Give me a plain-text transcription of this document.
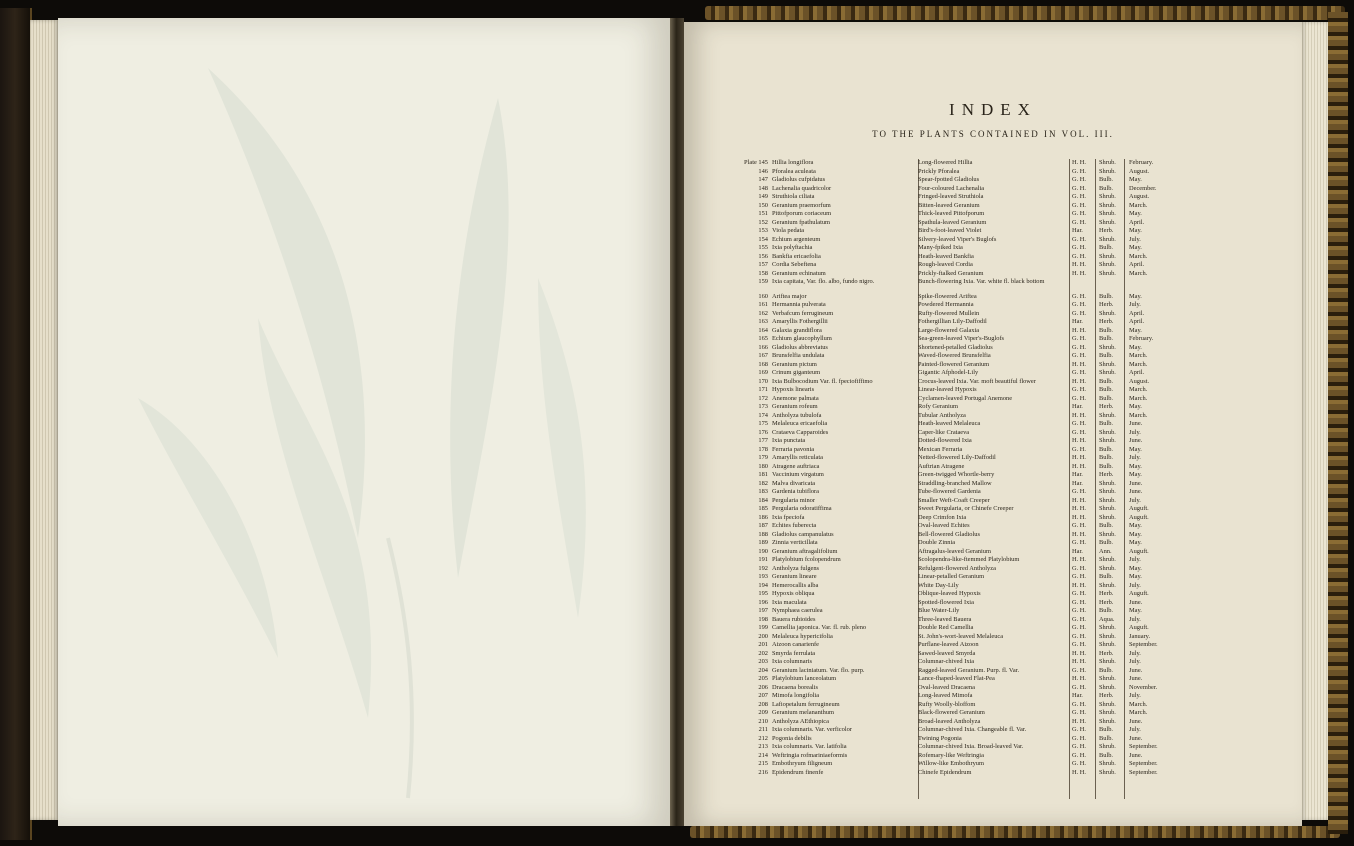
INDEX
TO THE PLANTS CONTAINED IN VOL. III.
Plate 145 Hillia longiflora	Long-flowered Hillia	H. H.	Shrub.	February.
146 Pforalea aculeata	Prickly Pforalea	G. H.	Shrub.	August.
147 Gladiolus cufpidatus	Spear-fpotted Gladiolus	G. H.	Bulb.	May.
148 Lachenalia quadricolor	Four-coloured Lachenalia	G. H.	Bulb.	December.
149 Struthiola ciliata	Fringed-leaved Struthiola	G. H.	Shrub.	August.
150 Geranium praemorfum	Bitten-leaved Geranium	G. H.	Shrub.	March.
151 Pittofporum coriaceum	Thick-leaved Pittofporum	G. H.	Shrub.	May.
152 Geranium fpathulatum	Spathula-leaved Geranium	G. H.	Shrub.	April.
153 Viola pedata	Bird's-foot-leaved Violet	Har.	Herb.	May.
154 Echium argenteum	Silvery-leaved Viper's Buglofs	G. H.	Shrub.	July.
155 Ixia polyftachia	Many-fpiked Ixia	G. H.	Bulb.	May.
156 Bankfia ericaefolia	Heath-leaved Bankfia	G. H.	Shrub.	March.
157 Cordia Sebeftena	Rough-leaved Cordia	H. H.	Shrub.	April.
158 Geranium echinatum	Prickly-ftalked Geranium	H. H.	Shrub.	March.
159 Ixia capitata, Var. flo. albo, fundo nigro.	Bunch-flowering Ixia. Var. white fl. black bottom
160 Ariftea major	Spike-flowered Ariftea	G. H.	Bulb.	May.
161 Hermannia pulverata	Powdered Hermannia	G. H.	Herb.	July.
162 Verbafcum ferrugineum	Rufty-flowered Mullein	G. H.	Shrub.	April.
163 Amaryllis Fothergillii	Fothergillian Lily-Daffodil	Har.	Herb.	April.
164 Galaxia grandiflora	Large-flowered Galaxia	H. H.	Bulb.	May.
165 Echium glaucophyllum	Sea-green-leaved Viper's-Buglofs	G. H.	Bulb.	February.
166 Gladiolus abbreviatus	Shortened-petalled Gladiolus	G. H.	Shrub.	May.
167 Brunsfelfia undulata	Waved-flowered Brunsfelfia	G. H.	Bulb.	March.
168 Geranium pictum	Painted-flowered Geranium	H. H.	Shrub.	March.
169 Crinum giganteum	Gigantic Afphodel-Lily	G. H.	Shrub.	April.
170 Ixia Bulbocodium Var. fl. fpeciofiffimo	Crocus-leaved Ixia. Var. moft beautiful flower	H. H.	Bulb.	August.
171 Hypoxis linearis	Linear-leaved Hypoxis	G. H.	Bulb.	March.
172 Anemone palmata	Cyclamen-leaved Portugal Anemone	G. H.	Bulb.	March.
173 Geranium rofeum	Rofy Geranium	Har.	Herb.	May.
174 Antholyza tubulofa	Tubular Antholyza	H. H.	Shrub.	March.
175 Melaleuca ericaefolia	Heath-leaved Melaleuca	G. H.	Bulb.	June.
176 Crataeva Capparoides	Caper-like Crataeva	G. H.	Shrub.	July.
177 Ixia punctata	Dotted-flowered Ixia	H. H.	Shrub.	June.
178 Ferraria pavonia	Mexican Ferraria	G. H.	Bulb.	May.
179 Amaryllis reticulata	Netted-flowered Lily-Daffodil	H. H.	Bulb.	July.
180 Atragene auftriaca	Auftrian Atragene	H. H.	Bulb.	May.
181 Vaccinium virgatum	Green-twigged Whortle-berry	Har.	Herb.	May.
182 Malva divaricata	Straddling-branched Mallow	Har.	Shrub.	June.
183 Gardenia tubiflora	Tube-flowered Gardenia	G. H.	Shrub.	June.
184 Pergularia minor	Smaller Weft-Coaft Creeper	H. H.	Shrub.	July.
185 Pergularia odoratiffima	Sweet Pergularia, or Chinefe Creeper	H. H.	Shrub.	Auguft.
186 Ixia fpeciofa	Deep Crimfon Ixia	H. H.	Shrub.	Auguft.
187 Echites fuberecta	Oval-leaved Echites	G. H.	Bulb.	May.
188 Gladiolus campanulatus	Bell-flowered Gladiolus	H. H.	Shrub.	May.
189 Zinnia verticillata	Double Zinnia	G. H.	Bulb.	May.
190 Geranium aftragalifolium	Aftragalus-leaved Geranium	Har.	Ann.	Auguft.
191 Platylobium fcolopendrum	Scolopendra-like-ftemmed Platylobium	H. H.	Shrub.	July.
192 Antholyza fulgens	Refulgent-flowered Antholyza	G. H.	Shrub.	May.
193 Geranium lineare	Linear-petalled Geranium	G. H.	Bulb.	May.
194 Hemerocallis alba	White Day-Lily	H. H.	Shrub.	July.
195 Hypoxis obliqua	Oblique-leaved Hypoxis	G. H.	Herb.	Auguft.
196 Ixia maculata	Spotted-flowered Ixia	G. H.	Herb.	June.
197 Nymphaea caerulea	Blue Water-Lily	G. H.	Bulb.	May.
198 Bauera rubioides	Three-leaved Bauera	G. H.	Aqua.	July.
199 Camellia japonica. Var. fl. rub. pleno	Double Red Camellia	G. H.	Shrub.	Auguft.
200 Melaleuca hypericifolia	St. John's-wort-leaved Melaleuca	G. H.	Shrub.	January.
201 Aizoon canarienfe	Purflane-leaved Aizoon	G. H.	Shrub.	September.
202 Smyrda ferrulata	Sawed-leaved Smyrda	H. H.	Herb.	July.
203 Ixia columnaris	Columnar-chived Ixia	H. H.	Shrub.	July.
204 Geranium laciniatum. Var. flo. purp.	Ragged-leaved Geranium. Purp. fl. Var.	G. H.	Bulb.	June.
205 Platylobium lanceolatum	Lance-fhaped-leaved Flat-Pea	H. H.	Shrub.	June.
206 Dracaena borealis	Oval-leaved Dracaena	G. H.	Shrub.	November.
207 Mimofa longifolia	Long-leaved Mimofa	Har.	Herb.	July.
208 Lafiopetalum ferrugineum	Rufty Woolly-bloffom	G. H.	Shrub.	March.
209 Geranium melananthum	Black-flowered Geranium	G. H.	Shrub.	March.
210 Antholyza AEthiopica	Broad-leaved Antholyza	H. H.	Shrub.	June.
211 Ixia columnaris. Var. verficolor	Columnar-chived Ixia. Changeable fl. Var.	G. H.	Bulb.	July.
212 Pogonia debilis	Twining Pogonia	G. H.	Bulb.	June.
213 Ixia columnaris. Var. latifolia	Columnar-chived Ixia. Broad-leaved Var.	G. H.	Shrub.	September.
214 Weftringia rofmariniaeformis	Rofemary-like Weftringia	G. H.	Bulb.	June.
215 Embothryum filigneum	Willow-like Embothryum	G. H.	Shrub.	September.
216 Epidendrum finenfe	Chinefe Epidendrum	H. H.	Shrub.	September.
